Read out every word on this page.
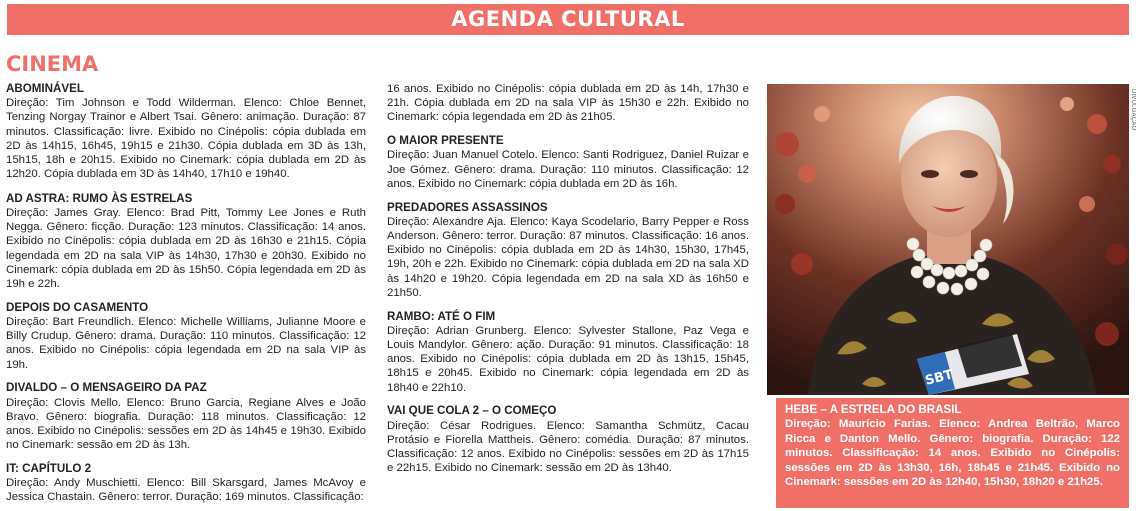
AGENDA CULTURAL
CINEMA
ABOMINÁVEL

Direção: Tim Johnson e Todd Wilderman. Elenco: Chloe Bennet, Tenzing Norgay Trainor e Albert Tsai. Gênero: animação. Duração: 87 minutos. Classificação: livre. Exibido no Cinépolis: cópia dublada em 2D às 14h15, 16h45, 19h15 e 21h30. Cópia dublada em 3D às 13h, 15h15, 18h e 20h15. Exibido no Cinemark: cópia dublada em 2D às 12h20. Cópia dublada em 3D às 14h40, 17h10 e 19h40.

AD ASTRA: RUMO ÀS ESTRELAS

Direção: James Gray. Elenco: Brad Pitt, Tommy Lee Jones e Ruth Negga. Gênero: ficção. Duração: 123 minutos. Classificação: 14 anos. Exibido no Cinépolis: cópia dublada em 2D às 16h30 e 21h15. Cópia legendada em 2D na sala VIP às 14h30, 17h30 e 20h30. Exibido no Cinemark: cópia dublada em 2D às 15h50. Cópia legendada em 2D às 19h e 22h.

DEPOIS DO CASAMENTO

Direção: Bart Freundlich. Elenco: Michelle Williams, Julianne Moore e Billy Crudup. Gênero: drama. Duração: 110 minutos. Classificação: 12 anos. Exibido no Cinépolis: cópia legendada em 2D na sala VIP às 19h.

DIVALDO – O MENSAGEIRO DA PAZ

Direção: Clovis Mello. Elenco: Bruno Garcia, Regiane Alves e João Bravo. Gênero: biografia. Duração: 118 minutos. Classificação: 12 anos. Exibido no Cinépolis: sessões em 2D às 14h45 e 19h30. Exibido no Cinemark: sessão em 2D às 13h.

IT: CAPÍTULO 2

Direção: Andy Muschietti. Elenco: Bill Skarsgard, James McAvoy e Jessica Chastain. Gênero: terror. Duração: 169 minutos. Classificação:

16 anos. Exibido no Cinépolis: cópia dublada em 2D às 14h, 17h30 e 21h. Cópia dublada em 2D na sala VIP às 15h30 e 22h. Exibido no Cinemark: cópia legendada em 2D às 21h05.

O MAIOR PRESENTE

Direção: Juan Manuel Cotelo. Elenco: Santi Rodriguez, Daniel Ruizar e Joe Gómez. Gênero: drama. Duração: 110 minutos. Classificação: 12 anos. Exibido no Cinemark: cópia dublada em 2D às 16h.

PREDADORES ASSASSINOS

Direção: Alexandre Aja. Elenco: Kaya Scodelario, Barry Pepper e Ross Anderson. Gênero: terror. Duração: 87 minutos. Classificação: 16 anos. Exibido no Cinépolis: cópia dublada em 2D às 14h30, 15h30, 17h45, 19h, 20h e 22h. Exibido no Cinemark: cópia dublada em 2D na sala XD às 14h20 e 19h20. Cópia legendada em 2D na sala XD às 16h50 e 21h50.

RAMBO: ATÉ O FIM

Direção: Adrian Grunberg. Elenco: Sylvester Stallone, Paz Vega e Louis Mandylor. Gênero: ação. Duração: 91 minutos. Classificação: 18 anos. Exibido no Cinépolis: cópia dublada em 2D às 13h15, 15h45, 18h15 e 20h45. Exibido no Cinemark: cópia legendada em 2D às 18h40 e 22h10.

VAI QUE COLA 2 – O COMEÇO

Direção: César Rodrigues. Elenco: Samantha Schmütz, Cacau Protásio e Fiorella Mattheis. Gênero: comédia. Duração: 87 minutos. Classificação: 12 anos. Exibido no Cinépolis: sessões em 2D às 17h15 e 22h15. Exibido no Cinemark: sessão em 2D às 13h40.

SBT
DIVULGAÇÃO
HEBE – A ESTRELA DO BRASIL

Direção: Maurício Farias. Elenco: Andrea Beltrão, Marco Ricca e Danton Mello. Gênero: biografia. Duração: 122 minutos. Classificação: 14 anos. Exibido no Cinépolis: sessões em 2D às 13h30, 16h, 18h45 e 21h45. Exibido no Cinemark: sessões em 2D às 12h40, 15h30, 18h20 e 21h25.
